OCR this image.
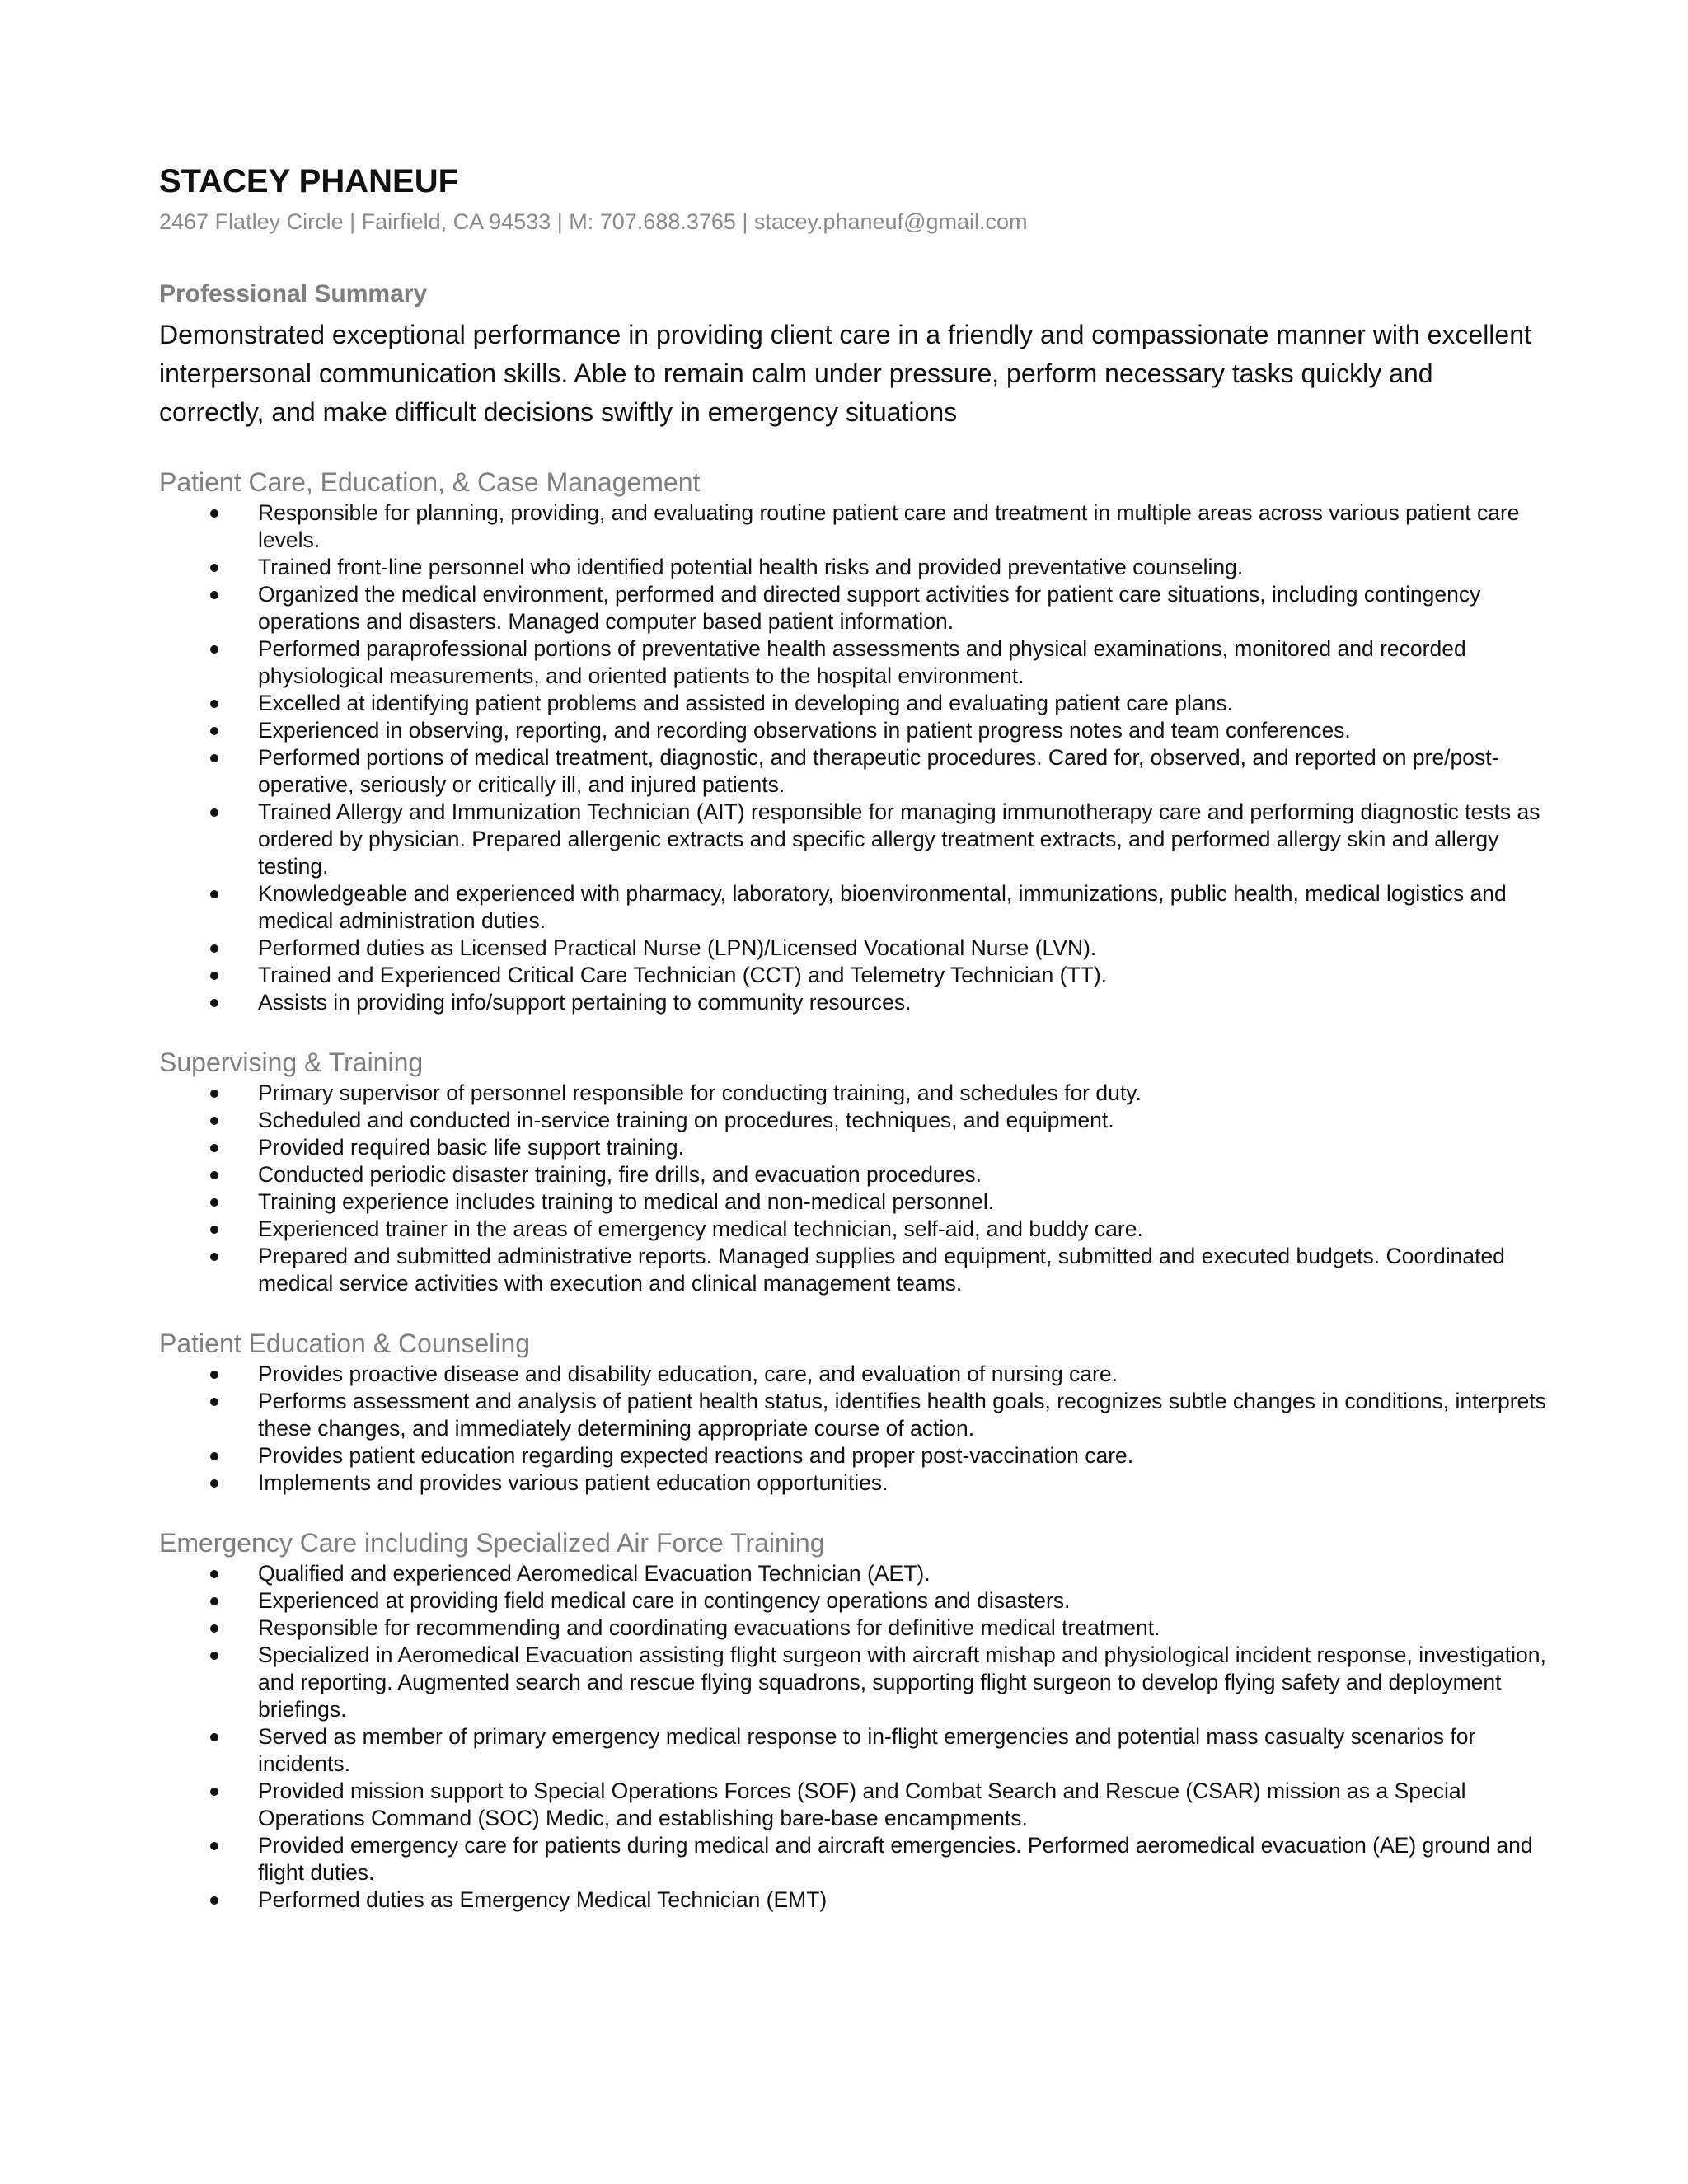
STACEY PHANEUF
2467 Flatley Circle | Fairfield, CA 94533 | M: 707.688.3765 | stacey.phaneuf@gmail.com
Professional Summary
Demonstrated exceptional performance in providing client care in a friendly and compassionate manner with excellent interpersonal communication skills. Able to remain calm under pressure, perform necessary tasks quickly and correctly, and make difficult decisions swiftly in emergency situations
Patient Care, Education, & Case Management
Responsible for planning, providing, and evaluating routine patient care and treatment in multiple areas across various patient care levels.
Trained front-line personnel who identified potential health risks and provided preventative counseling.
Organized the medical environment, performed and directed support activities for patient care situations, including contingency operations and disasters. Managed computer based patient information.
Performed paraprofessional portions of preventative health assessments and physical examinations, monitored and recorded physiological measurements, and oriented patients to the hospital environment.
Excelled at identifying patient problems and assisted in developing and evaluating patient care plans.
Experienced in observing, reporting, and recording observations in patient progress notes and team conferences.
Performed portions of medical treatment, diagnostic, and therapeutic procedures. Cared for, observed, and reported on pre/post-operative, seriously or critically ill, and injured patients.
Trained Allergy and Immunization Technician (AIT) responsible for managing immunotherapy care and performing diagnostic tests as ordered by physician. Prepared allergenic extracts and specific allergy treatment extracts, and performed allergy skin and allergy testing.
Knowledgeable and experienced with pharmacy, laboratory, bioenvironmental, immunizations, public health, medical logistics and medical administration duties.
Performed duties as Licensed Practical Nurse (LPN)/Licensed Vocational Nurse (LVN).
Trained and Experienced Critical Care Technician (CCT) and Telemetry Technician (TT).
Assists in providing info/support pertaining to community resources.
Supervising & Training
Primary supervisor of personnel responsible for conducting training, and schedules for duty.
Scheduled and conducted in-service training on procedures, techniques, and equipment.
Provided required basic life support training.
Conducted periodic disaster training, fire drills, and evacuation procedures.
Training experience includes training to medical and non-medical personnel.
Experienced trainer in the areas of emergency medical technician, self-aid, and buddy care.
Prepared and submitted administrative reports. Managed supplies and equipment, submitted and executed budgets. Coordinated medical service activities with execution and clinical management teams.
Patient Education & Counseling
Provides proactive disease and disability education, care, and evaluation of nursing care.
Performs assessment and analysis of patient health status, identifies health goals, recognizes subtle changes in conditions, interprets these changes, and immediately determining appropriate course of action.
Provides patient education regarding expected reactions and proper post-vaccination care.
Implements and provides various patient education opportunities.
Emergency Care including Specialized Air Force Training
Qualified and experienced Aeromedical Evacuation Technician (AET).
Experienced at providing field medical care in contingency operations and disasters.
Responsible for recommending and coordinating evacuations for definitive medical treatment.
Specialized in Aeromedical Evacuation assisting flight surgeon with aircraft mishap and physiological incident response, investigation, and reporting. Augmented search and rescue flying squadrons, supporting flight surgeon to develop flying safety and deployment briefings.
Served as member of primary emergency medical response to in-flight emergencies and potential mass casualty scenarios for incidents.
Provided mission support to Special Operations Forces (SOF) and Combat Search and Rescue (CSAR) mission as a Special Operations Command (SOC) Medic, and establishing bare-base encampments.
Provided emergency care for patients during medical and aircraft emergencies. Performed aeromedical evacuation (AE) ground and flight duties.
Performed duties as Emergency Medical Technician (EMT)
